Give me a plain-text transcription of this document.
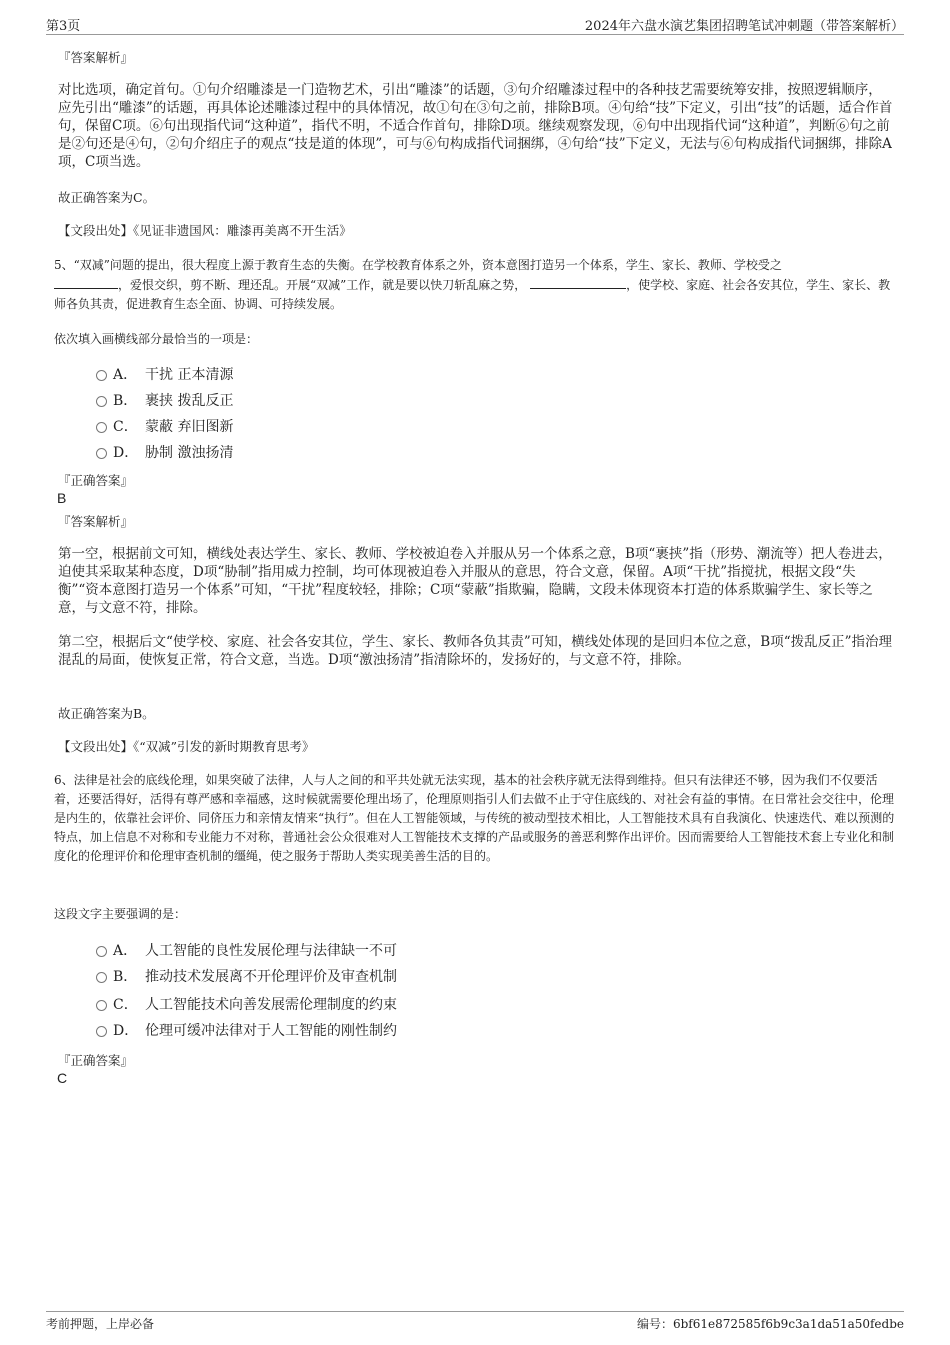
第3页	2024年六盘水演艺集团招聘笔试冲刺题（带答案解析）

『答案解析』

对比选项，确定首句。①句介绍雕漆是一门造物艺术，引出“雕漆”的话题，③句介绍雕漆过程中的各种技艺需要统筹安排，按照逻辑顺序，应先引出“雕漆”的话题，再具体论述雕漆过程中的具体情况，故①句在③句之前，排除B项。④句给“技”下定义，引出“技”的话题，适合作首句，保留C项。⑥句出现指代词“这种道”，指代不明，不适合作首句，排除D项。继续观察发现，⑥句中出现指代词“这种道”，判断⑥句之前是②句还是④句，②句介绍庄子的观点“技是道的体现”，可与⑥句构成指代词捆绑，④句给“技”下定义，无法与⑥句构成指代词捆绑，排除A项，C项当选。

故正确答案为C。

【文段出处】《见证非遗国风：雕漆再美离不开生活》

5、“双减”问题的提出，很大程度上源于教育生态的失衡。在学校教育体系之外，资本意图打造另一个体系，学生、家长、教师、学校受之
，爱恨交织，剪不断、理还乱。开展“双减”工作，就是要以快刀斩乱麻之势，	，使学校、家庭、社会各安其位，学生、家长、教师各负其责，促进教育生态全面、协调、可持续发展。

依次填入画横线部分最恰当的一项是：

A． 干扰 正本清源
B． 裹挟 拨乱反正
C． 蒙蔽 弃旧图新
D． 胁制 激浊扬清

『正确答案』

B

『答案解析』

第一空，根据前文可知，横线处表达学生、家长、教师、学校被迫卷入并服从另一个体系之意，B项“裹挟”指（形势、潮流等）把人卷进去，迫使其采取某种态度，D项“胁制”指用威力控制，均可体现被迫卷入并服从的意思，符合文意，保留。A项“干扰”指搅扰，根据文段“失衡”“资本意图打造另一个体系”可知，“干扰”程度较轻，排除；C项“蒙蔽”指欺骗，隐瞒，文段未体现资本打造的体系欺骗学生、家长等之意，与文意不符，排除。

第二空，根据后文“使学校、家庭、社会各安其位，学生、家长、教师各负其责”可知，横线处体现的是回归本位之意，B项“拨乱反正”指治理混乱的局面，使恢复正常，符合文意，当选。D项“激浊扬清”指清除坏的，发扬好的，与文意不符，排除。

故正确答案为B。

【文段出处】《“双减”引发的新时期教育思考》

6、法律是社会的底线伦理，如果突破了法律，人与人之间的和平共处就无法实现，基本的社会秩序就无法得到维持。但只有法律还不够，因为我们不仅要活着，还要活得好，活得有尊严感和幸福感，这时候就需要伦理出场了，伦理原则指引人们去做不止于守住底线的、对社会有益的事情。在日常社会交往中，伦理是内生的，依靠社会评价、同侪压力和亲情友情来“执行”。但在人工智能领域，与传统的被动型技术相比，人工智能技术具有自我演化、快速迭代、难以预测的特点，加上信息不对称和专业能力不对称，普通社会公众很难对人工智能技术支撑的产品或服务的善恶利弊作出评价。因而需要给人工智能技术套上专业化和制度化的伦理评价和伦理审查机制的缰绳，使之服务于帮助人类实现美善生活的目的。

这段文字主要强调的是：

A． 人工智能的良性发展伦理与法律缺一不可
B． 推动技术发展离不开伦理评价及审查机制
C． 人工智能技术向善发展需伦理制度的约束
D． 伦理可缓冲法律对于人工智能的刚性制约

『正确答案』

C

考前押题，上岸必备	编号：6bf61e872585f6b9c3a1da51a50fedbe
